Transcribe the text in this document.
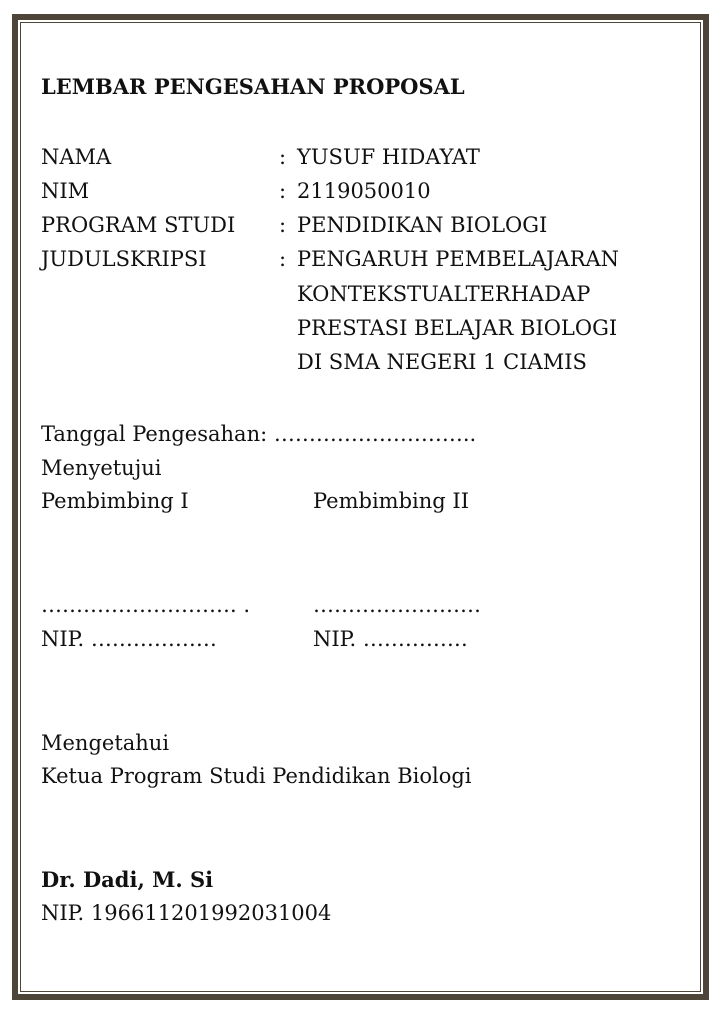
LEMBAR PENGESAHAN PROPOSAL
NAMA	: YUSUF HIDAYAT
NIM	: 2119050010
PROGRAM STUDI : PENDIDIKAN BIOLOGI
JUDULSKRIPSI	: PENGARUH PEMBELAJARAN
KONTEKSTUALTERHADAP
PRESTASI BELAJAR BIOLOGI
DI SMA NEGERI 1 CIAMIS
Tanggal Pengesahan: ………………………..
Menyetujui
Pembimbing I	Pembimbing II
………………………. .	……………………
NIP. ………………	NIP. ……………
Mengetahui
Ketua Program Studi Pendidikan Biologi
Dr. Dadi, M. Si
NIP. 196611201992031004
